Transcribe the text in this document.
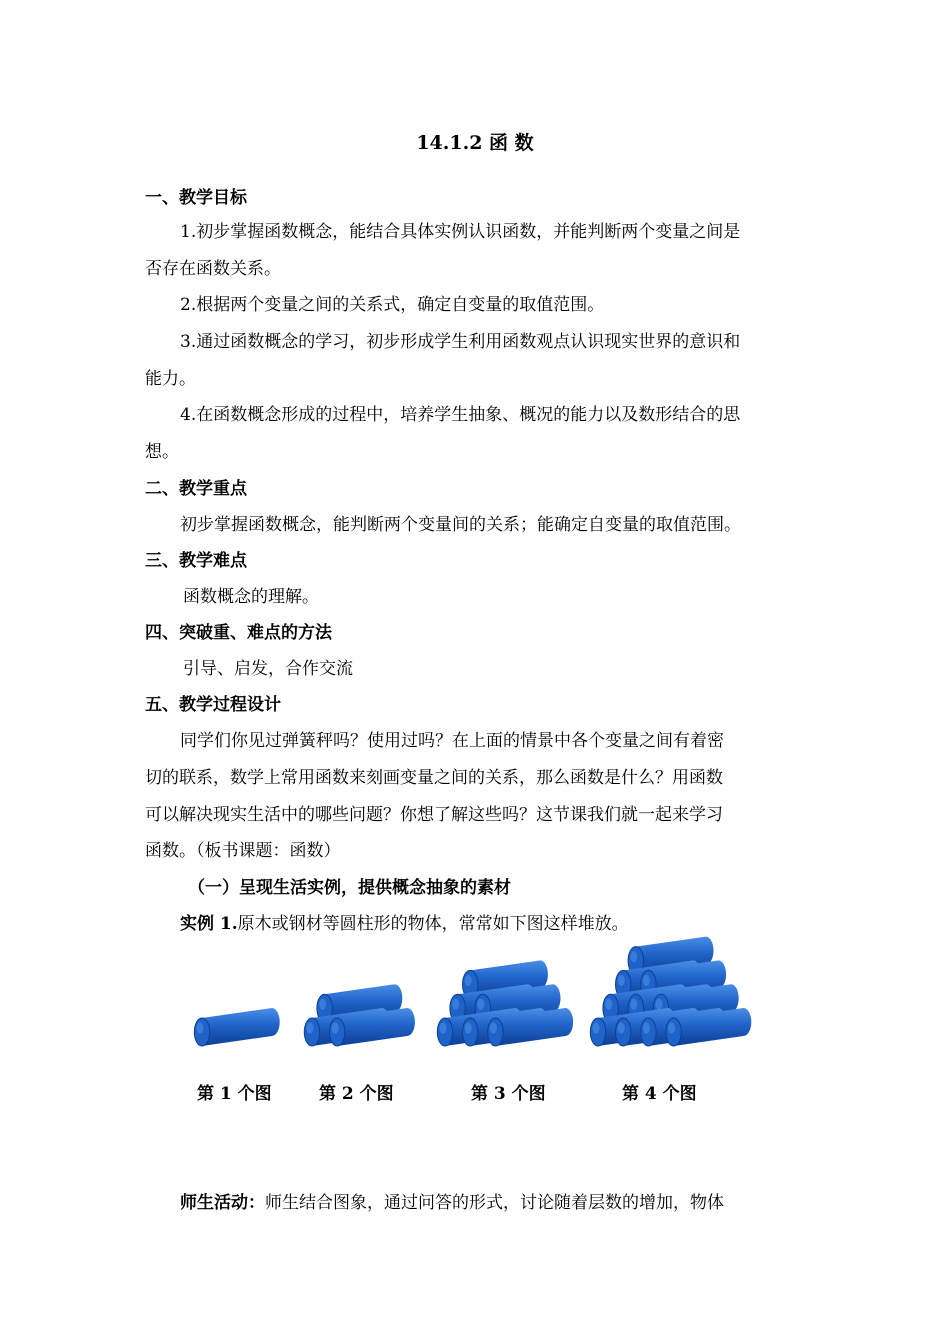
14.1.2 函 数
一、教学目标
1.初步掌握函数概念，能结合具体实例认识函数，并能判断两个变量之间是
否存在函数关系。
2.根据两个变量之间的关系式，确定自变量的取值范围。
3.通过函数概念的学习，初步形成学生利用函数观点认识现实世界的意识和
能力。
4.在函数概念形成的过程中，培养学生抽象、概况的能力以及数形结合的思
想。
二、教学重点
初步掌握函数概念，能判断两个变量间的关系；能确定自变量的取值范围。
三、教学难点
函数概念的理解。
四、突破重、难点的方法
引导、启发，合作交流
五、教学过程设计
同学们你见过弹簧秤吗？使用过吗？在上面的情景中各个变量之间有着密
切的联系，数学上常用函数来刻画变量之间的关系，那么函数是什么？用函数
可以解决现实生活中的哪些问题？你想了解这些吗？这节课我们就一起来学习
函数。（板书课题：函数）
（一）呈现生活实例，提供概念抽象的素材
实例 1.原木或钢材等圆柱形的物体，常常如下图这样堆放。
第 1 个图	第 2 个图	第 3 个图	第 4 个图
师生活动：师生结合图象，通过问答的形式，讨论随着层数的增加，物体
